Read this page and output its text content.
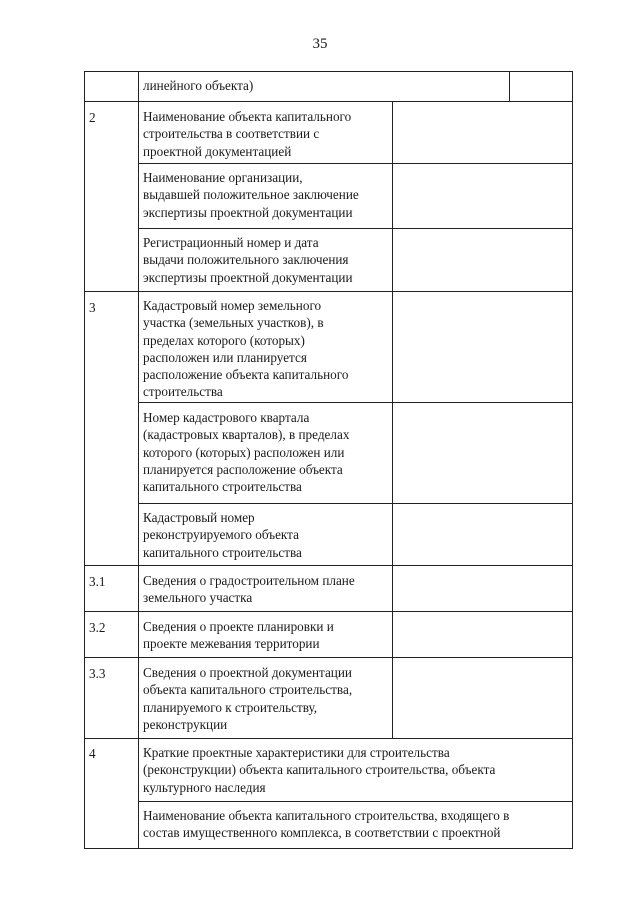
35
2
3
3.1
3.2
3.3
4
линейного объекта)
Наименование объекта капитального
строительства в соответствии с
проектной документацией
Наименование организации,
выдавшей положительное заключение
экспертизы проектной документации
Регистрационный номер и дата
выдачи положительного заключения
экспертизы проектной документации
Кадастровый номер земельного
участка (земельных участков), в
пределах которого (которых)
расположен или планируется
расположение объекта капитального
строительства
Номер кадастрового квартала
(кадастровых кварталов), в пределах
которого (которых) расположен или
планируется расположение объекта
капитального строительства
Кадастровый номер
реконструируемого объекта
капитального строительства
Сведения о градостроительном плане
земельного участка
Сведения о проекте планировки и
проекте межевания территории
Сведения о проектной документации
объекта капитального строительства,
планируемого к строительству,
реконструкции
Краткие проектные характеристики для строительства
(реконструкции) объекта капитального строительства, объекта
культурного наследия
Наименование объекта капитального строительства, входящего в
состав имущественного комплекса, в соответствии с проектной
